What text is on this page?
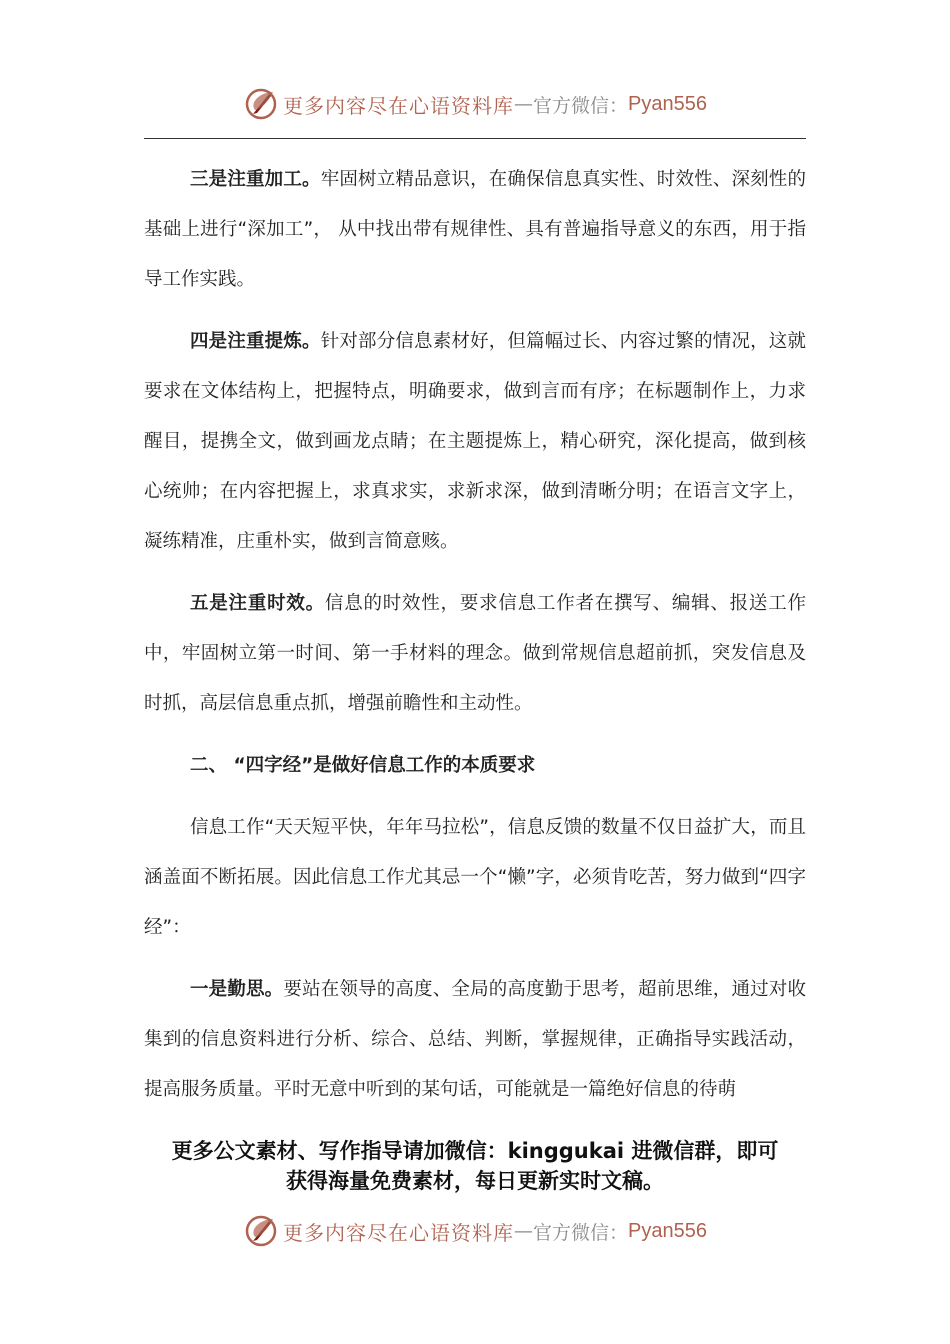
更多内容尽在心语资料库 — 官方微信： Pyan556

三是注重加工。牢固树立精品意识，在确保信息真实性、时效性、深刻性的基础上进行“深加工”， 从中找出带有规律性、具有普遍指导意义的东西，用于指导工作实践。

四是注重提炼。针对部分信息素材好，但篇幅过长、内容过繁的情况，这就要求在文体结构上，把握特点，明确要求，做到言而有序；在标题制作上，力求醒目，提携全文，做到画龙点睛；在主题提炼上，精心研究，深化提高，做到核心统帅；在内容把握上，求真求实，求新求深，做到清晰分明；在语言文字上，凝练精准，庄重朴实，做到言简意赅。

五是注重时效。信息的时效性，要求信息工作者在撰写、编辑、报送工作中，牢固树立第一时间、第一手材料的理念。做到常规信息超前抓，突发信息及时抓，高层信息重点抓，增强前瞻性和主动性。

二、 “四字经”是做好信息工作的本质要求

信息工作“天天短平快，年年马拉松”，信息反馈的数量不仅日益扩大，而且涵盖面不断拓展。因此信息工作尤其忌一个“懒”字，必须肯吃苦，努力做到“四字经”：

一是勤思。要站在领导的高度、全局的高度勤于思考，超前思维，通过对收集到的信息资料进行分析、综合、总结、判断，掌握规律，正确指导实践活动，提高服务质量。平时无意中听到的某句话，可能就是一篇绝好信息的待萌

更多公文素材、写作指导请加微信：kinggukai 进微信群，即可
获得海量免费素材，每日更新实时文稿。
更多内容尽在心语资料库 — 官方微信： Pyan556
